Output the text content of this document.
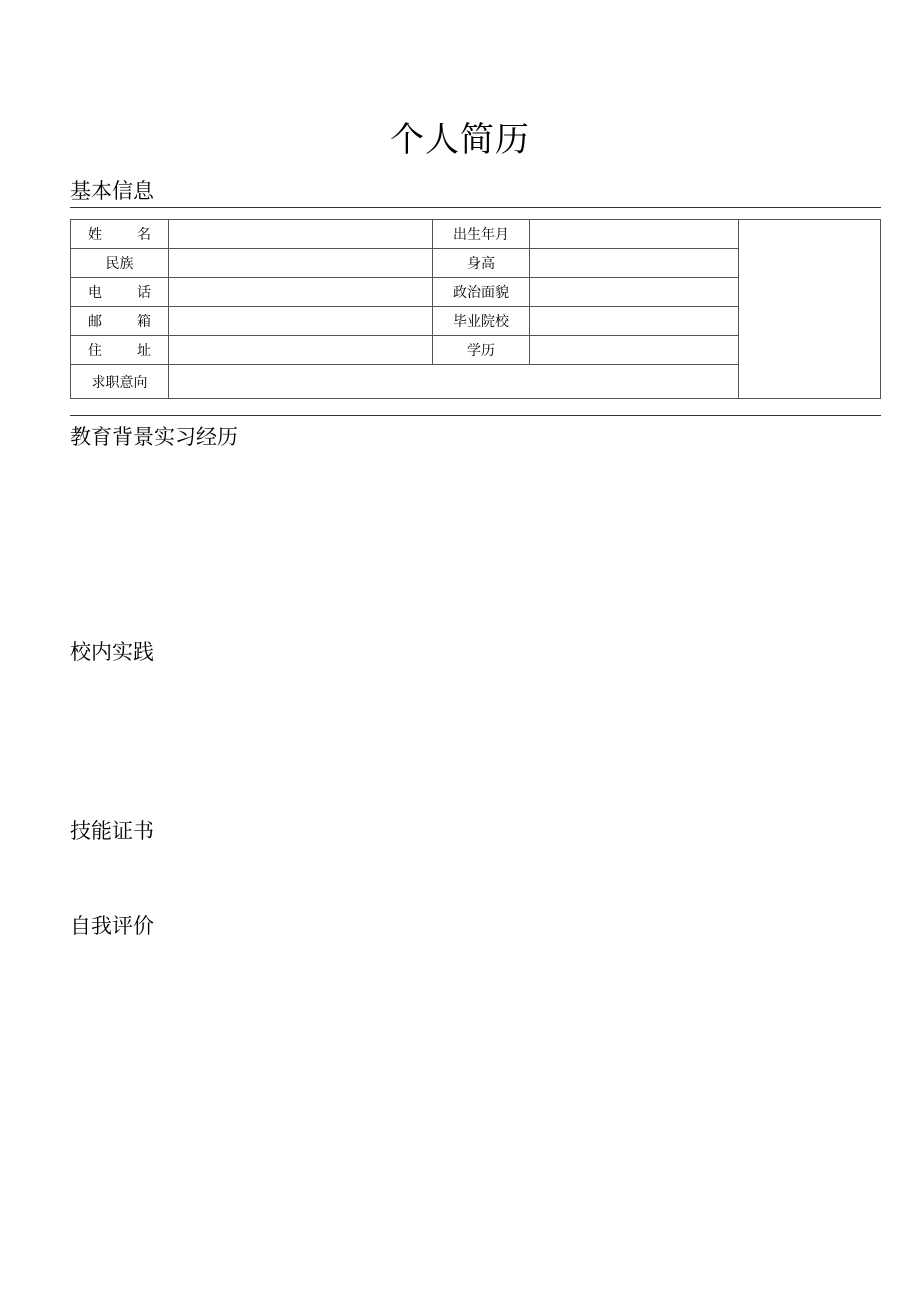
个人简历
基本信息
姓 名		出生年月		
民族		身高		

电 话		政治面貌		

邮 箱		毕业院校		

住 址		学历		
求职意向				
教育背景实习经历
校内实践
技能证书
自我评价
